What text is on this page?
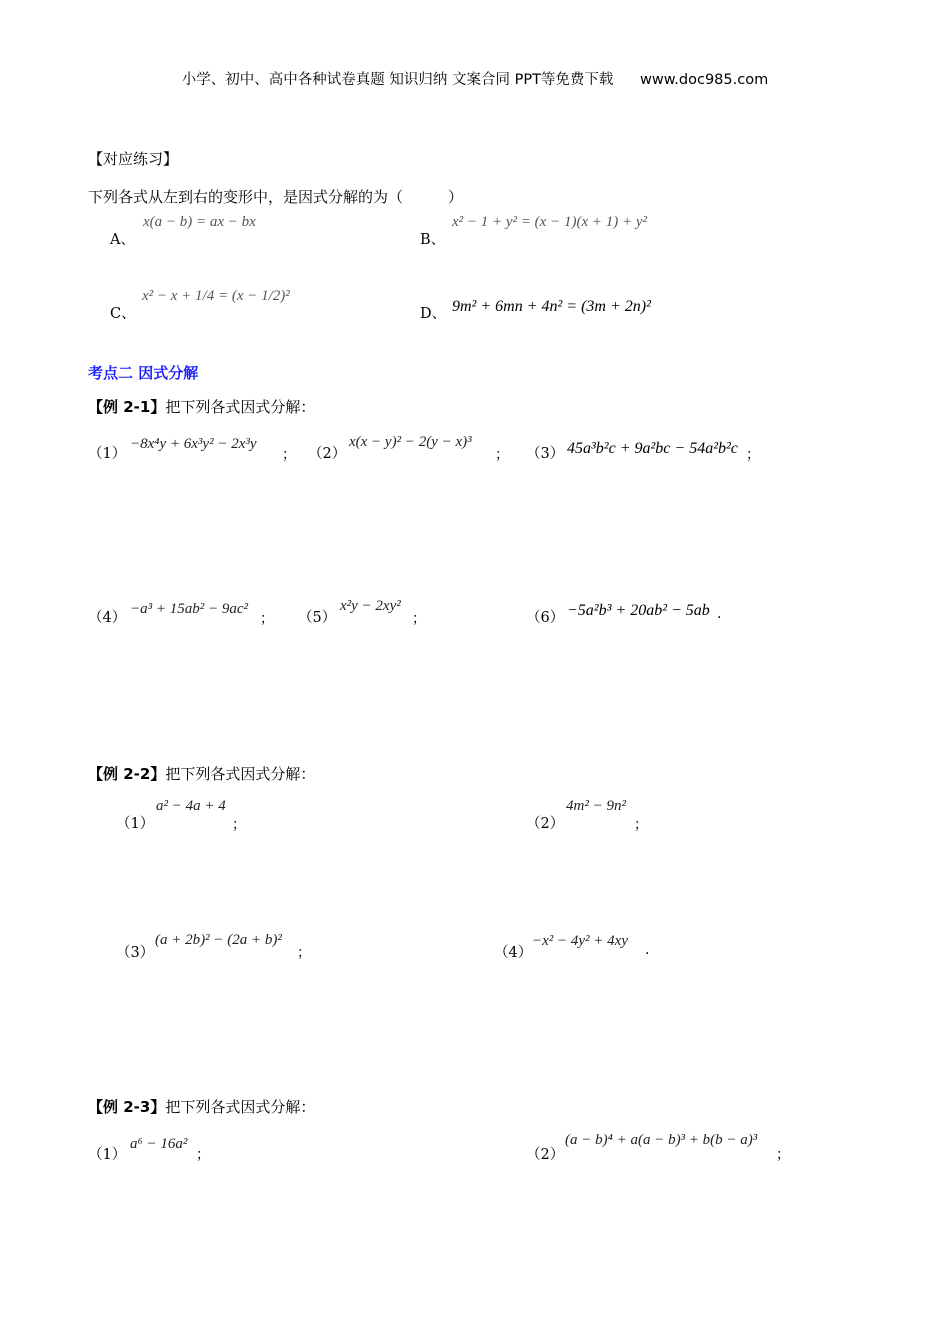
小学、初中、高中各种试卷真题 知识归纳 文案合同 PPT等免费下载 www.doc985.com
【对应练习】
下列各式从左到右的变形中，是因式分解的为（　　　）
A、
x(a − b) = ax − bx
B、
x² − 1 + y² = (x − 1)(x + 1) + y²
C、
x² − x + 1/4 = (x − 1/2)²
D、 9m² + 6mn + 4n² = (3m + 2n)²
考点二 因式分解
【例 2-1】把下列各式因式分解：
（1）
−8x⁴y + 6x³y² − 2x³y
； （2）
x(x − y)² − 2(y − x)³
； （3） 45a³b²c + 9a²bc − 54a²b²c ；
（4）
−a³ + 15ab² − 9ac²
； （5）
x²y − 2xy²
；	（6） −5a²b³ + 20ab² − 5ab .
【例 2-2】把下列各式因式分解：
（1）
a² − 4a + 4
；	（2）
4m² − 9n²
；
（3）
(a + 2b)² − (2a + b)²
；	（4）
−x² − 4y² + 4xy
.
【例 2-3】把下列各式因式分解：
（1）
a⁶ − 16a²
；	（2）
(a − b)⁴ + a(a − b)³ + b(b − a)³
；
